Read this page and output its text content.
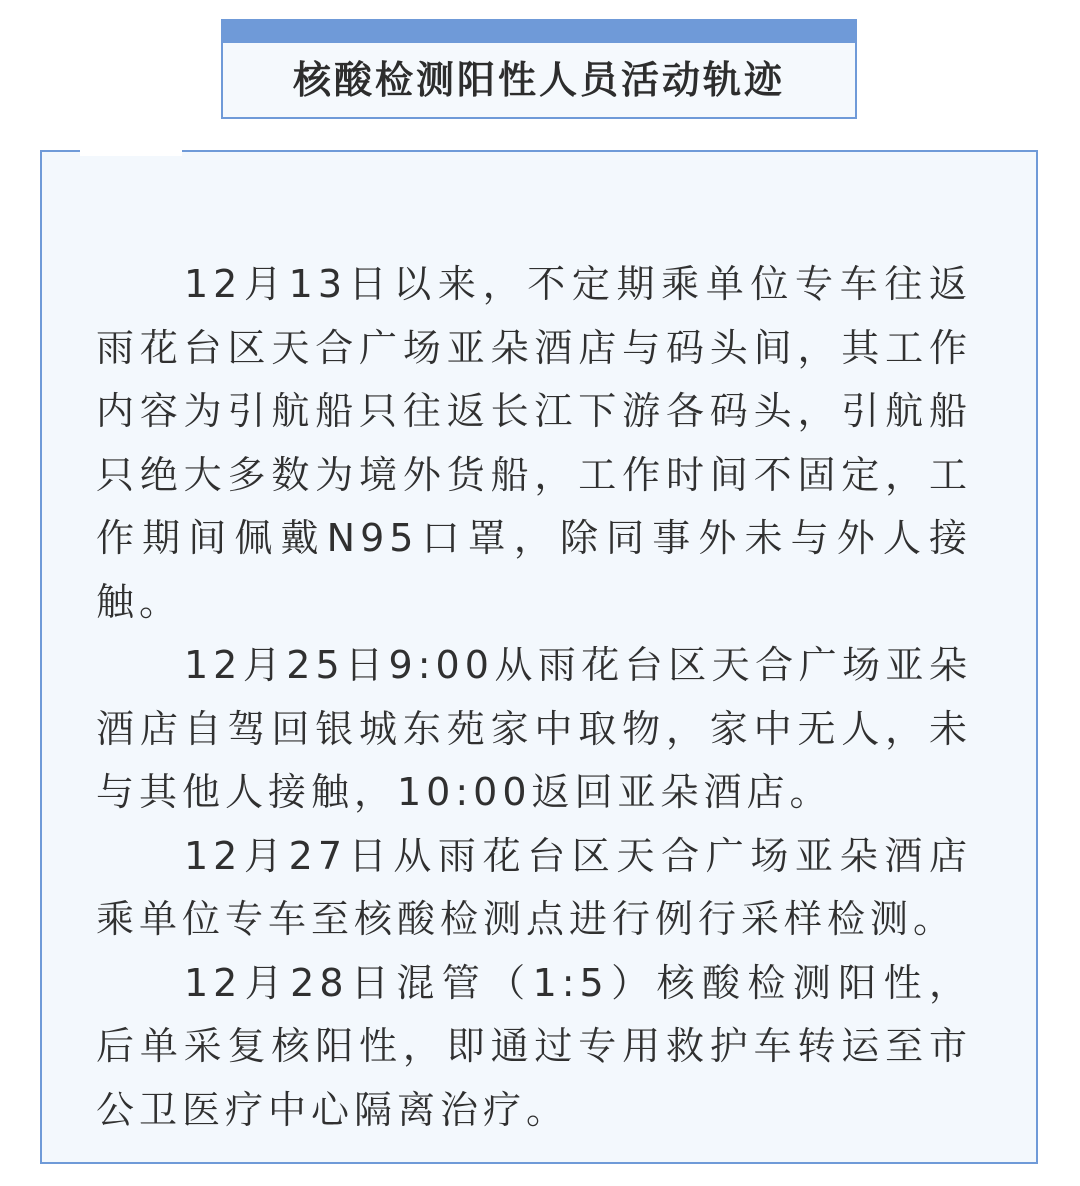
核酸检测阳性人员活动轨迹

12月13日以来，不定期乘单位专车往返雨花台区天合广场亚朵酒店与码头间，其工作内容为引航船只往返长江下游各码头，引航船只绝大多数为境外货船，工作时间不固定，工作期间佩戴N95口罩，除同事外未与外人接触。

12月25日9:00从雨花台区天合广场亚朵酒店自驾回银城东苑家中取物，家中无人，未与其他人接触，10:00返回亚朵酒店。

12月27日从雨花台区天合广场亚朵酒店乘单位专车至核酸检测点进行例行采样检测。

12月28日混管（1:5）核酸检测阳性，后单采复核阳性，即通过专用救护车转运至市公卫医疗中心隔离治疗。
